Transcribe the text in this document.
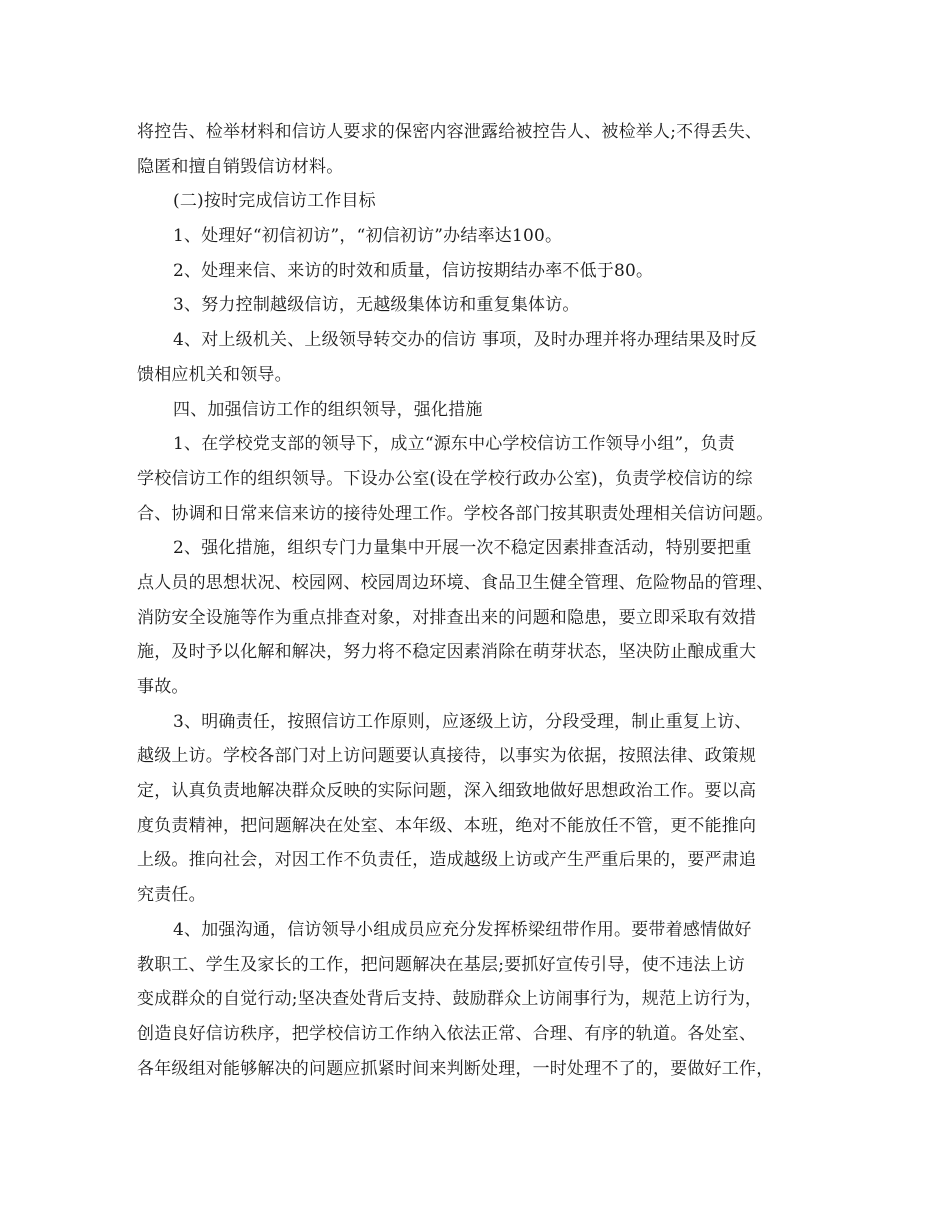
将控告、检举材料和信访人要求的保密内容泄露给被控告人、被检举人;不得丢失、
隐匿和擅自销毁信访材料。
(二)按时完成信访工作目标
1、处理好“初信初访”，“初信初访”办结率达100。
2、处理来信、来访的时效和质量，信访按期结办率不低于80。
3、努力控制越级信访，无越级集体访和重复集体访。
4、对上级机关、上级领导转交办的信访 事项，及时办理并将办理结果及时反
馈相应机关和领导。
四、加强信访工作的组织领导，强化措施
1、在学校党支部的领导下，成立“源东中心学校信访工作领导小组”，负责
学校信访工作的组织领导。下设办公室(设在学校行政办公室)，负责学校信访的综
合、协调和日常来信来访的接待处理工作。学校各部门按其职责处理相关信访问题。
2、强化措施，组织专门力量集中开展一次不稳定因素排查活动，特别要把重
点人员的思想状况、校园网、校园周边环境、食品卫生健全管理、危险物品的管理、
消防安全设施等作为重点排查对象，对排查出来的问题和隐患，要立即采取有效措
施，及时予以化解和解决，努力将不稳定因素消除在萌芽状态，坚决防止酿成重大
事故。
3、明确责任，按照信访工作原则，应逐级上访，分段受理，制止重复上访、
越级上访。学校各部门对上访问题要认真接待，以事实为依据，按照法律、政策规
定，认真负责地解决群众反映的实际问题，深入细致地做好思想政治工作。要以高
度负责精神，把问题解决在处室、本年级、本班，绝对不能放任不管，更不能推向
上级。推向社会，对因工作不负责任，造成越级上访或产生严重后果的，要严肃追
究责任。
4、加强沟通，信访领导小组成员应充分发挥桥梁纽带作用。要带着感情做好
教职工、学生及家长的工作，把问题解决在基层;要抓好宣传引导，使不违法上访
变成群众的自觉行动;坚决查处背后支持、鼓励群众上访闹事行为，规范上访行为，
创造良好信访秩序，把学校信访工作纳入依法正常、合理、有序的轨道。各处室、
各年级组对能够解决的问题应抓紧时间来判断处理，一时处理不了的，要做好工作，
